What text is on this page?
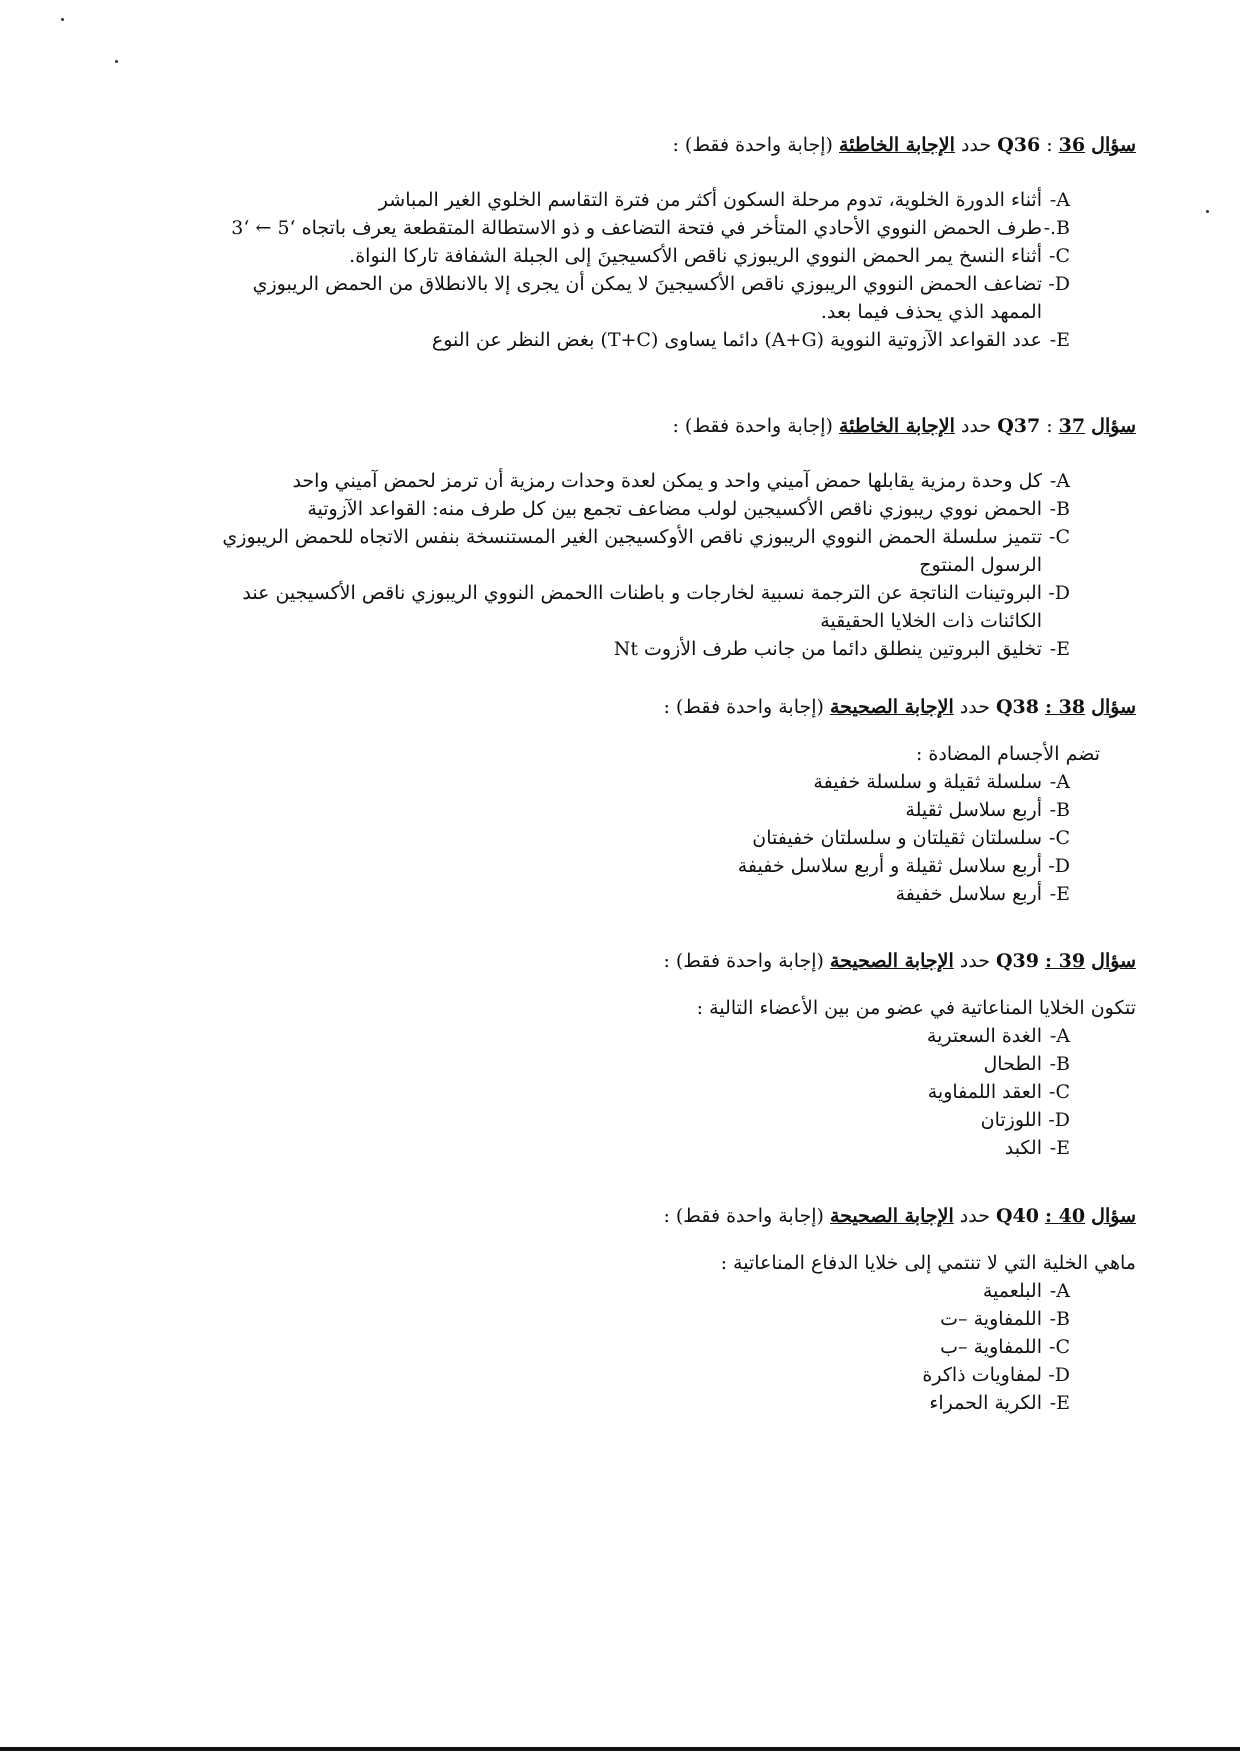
سؤال 36 : Q36 حدد الإجابة الخاطئة (إجابة واحدة فقط) :
-A
أثناء الدورة الخلوية، تدوم مرحلة السكون أكثر من فترة التقاسم الخلوي الغير المباشر
-.B
طرف الحمض النووي الأحادي المتأخر في فتحة التضاعف و ذو الاستطالة المتقطعة يعرف باتجاه ‘5 ← ‘3
-C
أثناء النسخ يمر الحمض النووي الريبوزي ناقص الأكسيجينَ إلى الجبلة الشفافة تاركا النواة.
-D
تضاعف الحمض النووي الريبوزي ناقص الأكسيجينَ لا يمكن أن يجرى إلا بالانطلاق من الحمض الريبوزي الممهد الذي يحذف فيما بعد.
-E
عدد القواعد الآزوتية النووية (A+G) دائما يساوى (T+C) بغض النظر عن النوع
سؤال 37 : Q37 حدد الإجابة الخاطئة (إجابة واحدة فقط) :
-A
كل وحدة رمزية يقابلها حمض آميني واحد و يمكن لعدة وحدات رمزية أن ترمز لحمض آميني واحد
-B
الحمض نووي ريبوزي ناقص الأكسيجين لولب مضاعف تجمع بين كل طرف منه: القواعد الآزوتية
-C
تتميز سلسلة الحمض النووي الريبوزي ناقص الأوكسيجين الغير المستنسخة بنفس الاتجاه للحمض الريبوزي الرسول المنتوج
-D
البروتينات الناتجة عن الترجمة نسبية لخارجات و باطنات االحمض النووي الريبوزي ناقص الأكسيجين عند الكائنات ذات الخلايا الحقيقية
-E
تخليق البروتين ينطلق دائما من جانب طرف الأزوت Nt
سؤال 38 : Q38 حدد الإجابة الصحيحة (إجابة واحدة فقط) :
تضم الأجسام المضادة :
-A
سلسلة ثقيلة و سلسلة خفيفة
-B
أربع سلاسل ثقيلة
-C
سلسلتان ثقيلتان و سلسلتان خفيفتان
-D
أربع سلاسل ثقيلة و أربع سلاسل خفيفة
-E
أربع سلاسل خفيفة
سؤال 39 : Q39 حدد الإجابة الصحيحة (إجابة واحدة فقط) :
تتكون الخلايا المناعاتية في عضو من بين الأعضاء التالية :
-A
الغدة السعترية
-B
الطحال
-C
العقد اللمفاوية
-D
اللوزتان
-E
الكبد
سؤال 40 : Q40 حدد الإجابة الصحيحة (إجابة واحدة فقط) :
ماهي الخلية التي لا تنتمي إلى خلايا الدفاع المناعاتية :
-A
البلعمية
-B
اللمفاوية –ت
-C
اللمفاوية –ب
-D
لمفاويات ذاكرة
-E
الكرية الحمراء
